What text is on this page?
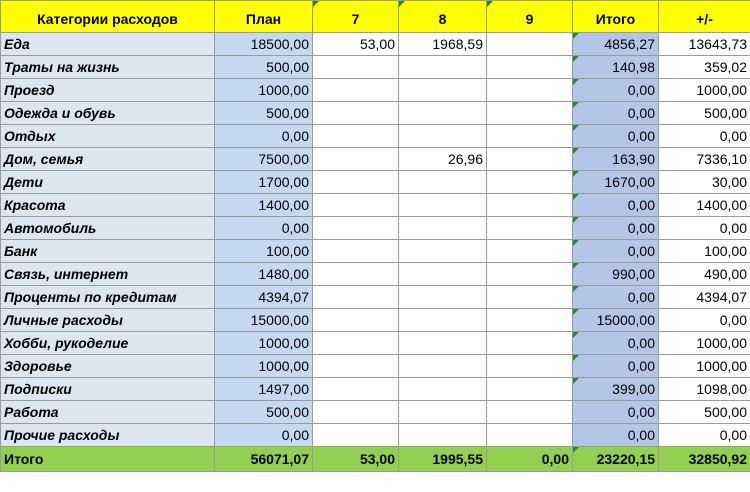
Категории расходов	План	7	8	9	Итого	+/-
Еда	18500,00	53,00	1968,59		4856,27	13643,73
Траты на жизнь	500,00				140,98	359,02
Проезд	1000,00				0,00	1000,00
Одежда и обувь	500,00				0,00	500,00
Отдых	0,00				0,00	0,00
Дом, семья	7500,00		26,96		163,90	7336,10
Дети	1700,00				1670,00	30,00
Красота	1400,00				0,00	1400,00
Автомобиль	0,00				0,00	0,00
Банк	100,00				0,00	100,00
Связь, интернет	1480,00				990,00	490,00
Проценты по кредитам	4394,07				0,00	4394,07
Личные расходы	15000,00				15000,00	0,00
Хобби, рукоделие	1000,00				0,00	1000,00
Здоровье	1000,00				0,00	1000,00
Подписки	1497,00				399,00	1098,00
Работа	500,00				0,00	500,00
Прочие расходы	0,00				0,00	0,00
Итого	56071,07	53,00	1995,55	0,00	23220,15	32850,92
